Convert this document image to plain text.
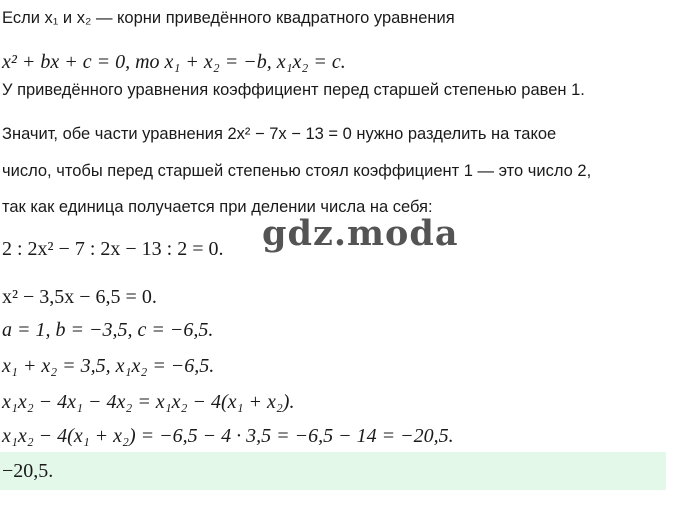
Если x₁ и x₂ — корни приведённого квадратного уравнения
x² + bx + c = 0, то x₁ + x₂ = −b, x₁x₂ = c.
У приведённого уравнения коэффициент перед старшей степенью равен 1.
Значит, обе части уравнения 2x² − 7x − 13 = 0 нужно разделить на такое
число, чтобы перед старшей степенью стоял коэффициент 1 — это число 2,
так как единица получается при делении числа на себя:
2 : 2x² − 7 : 2x − 13 : 2 = 0.
x² − 3,5x − 6,5 = 0.
a = 1, b = −3,5, c = −6,5.
x₁ + x₂ = 3,5, x₁x₂ = −6,5.
x₁x₂ − 4x₁ − 4x₂ = x₁x₂ − 4(x₁ + x₂).
x₁x₂ − 4(x₁ + x₂) = −6,5 − 4 · 3,5 = −6,5 − 14 = −20,5.
−20,5.
gdz.moda
